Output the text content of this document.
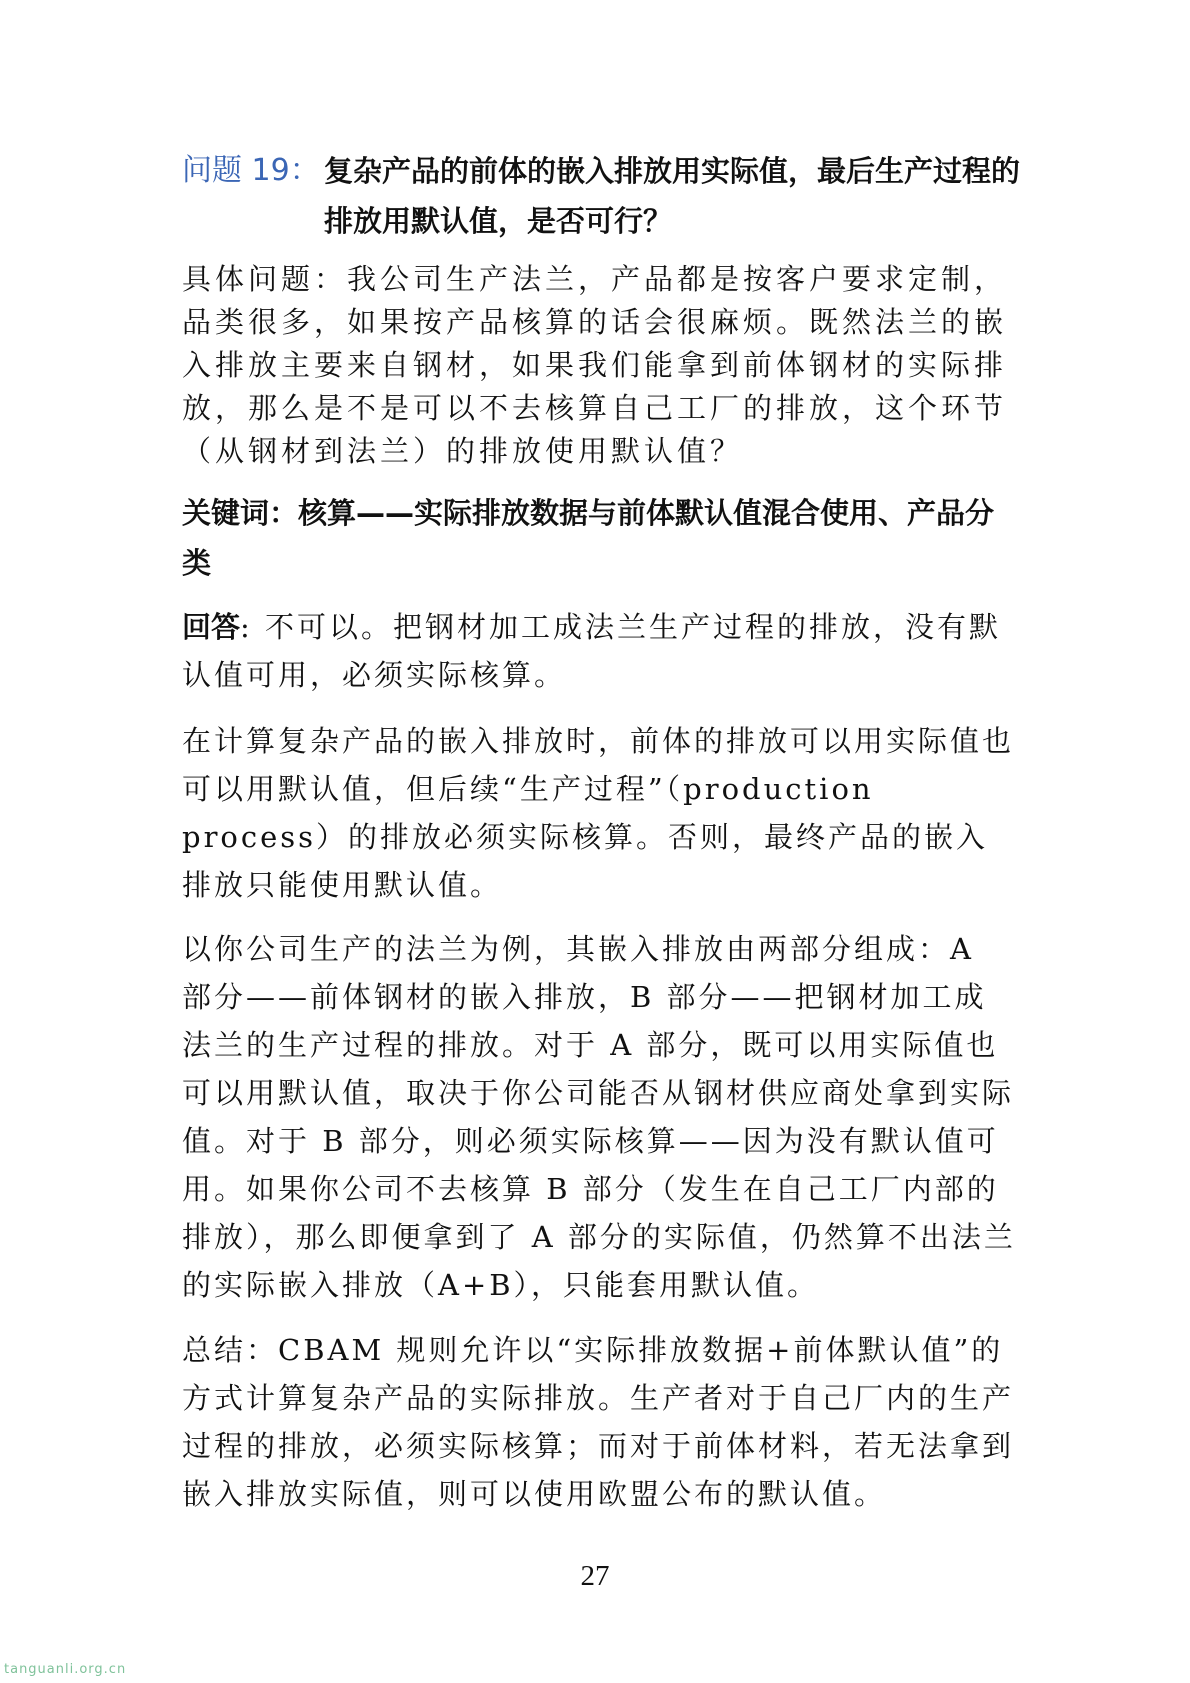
问题 19： 复杂产品的前体的嵌入排放用实际值，最后生产过程的排放用默认值，是否可行？
具体问题：我公司生产法兰，产品都是按客户要求定制，品类很多，如果按产品核算的话会很麻烦。既然法兰的嵌入排放主要来自钢材，如果我们能拿到前体钢材的实际排放，那么是不是可以不去核算自己工厂的排放，这个环节（从钢材到法兰）的排放使用默认值？
关键词：核算——实际排放数据与前体默认值混合使用、产品分类
回答: 不可以。把钢材加工成法兰生产过程的排放，没有默认值可用，必须实际核算。
在计算复杂产品的嵌入排放时，前体的排放可以用实际值也可以用默认值，但后续“生产过程”（production process）的排放必须实际核算。否则，最终产品的嵌入排放只能使用默认值。
以你公司生产的法兰为例，其嵌入排放由两部分组成：A 部分——前体钢材的嵌入排放，B 部分——把钢材加工成法兰的生产过程的排放。对于 A 部分，既可以用实际值也可以用默认值，取决于你公司能否从钢材供应商处拿到实际值。对于 B 部分，则必须实际核算——因为没有默认值可用。如果你公司不去核算 B 部分（发生在自己工厂内部的排放），那么即便拿到了 A 部分的实际值，仍然算不出法兰的实际嵌入排放（A+B），只能套用默认值。
总结：CBAM 规则允许以“实际排放数据+前体默认值”的方式计算复杂产品的实际排放。生产者对于自己厂内的生产过程的排放，必须实际核算；而对于前体材料，若无法拿到嵌入排放实际值，则可以使用欧盟公布的默认值。
27
tanguanli.org.cn
